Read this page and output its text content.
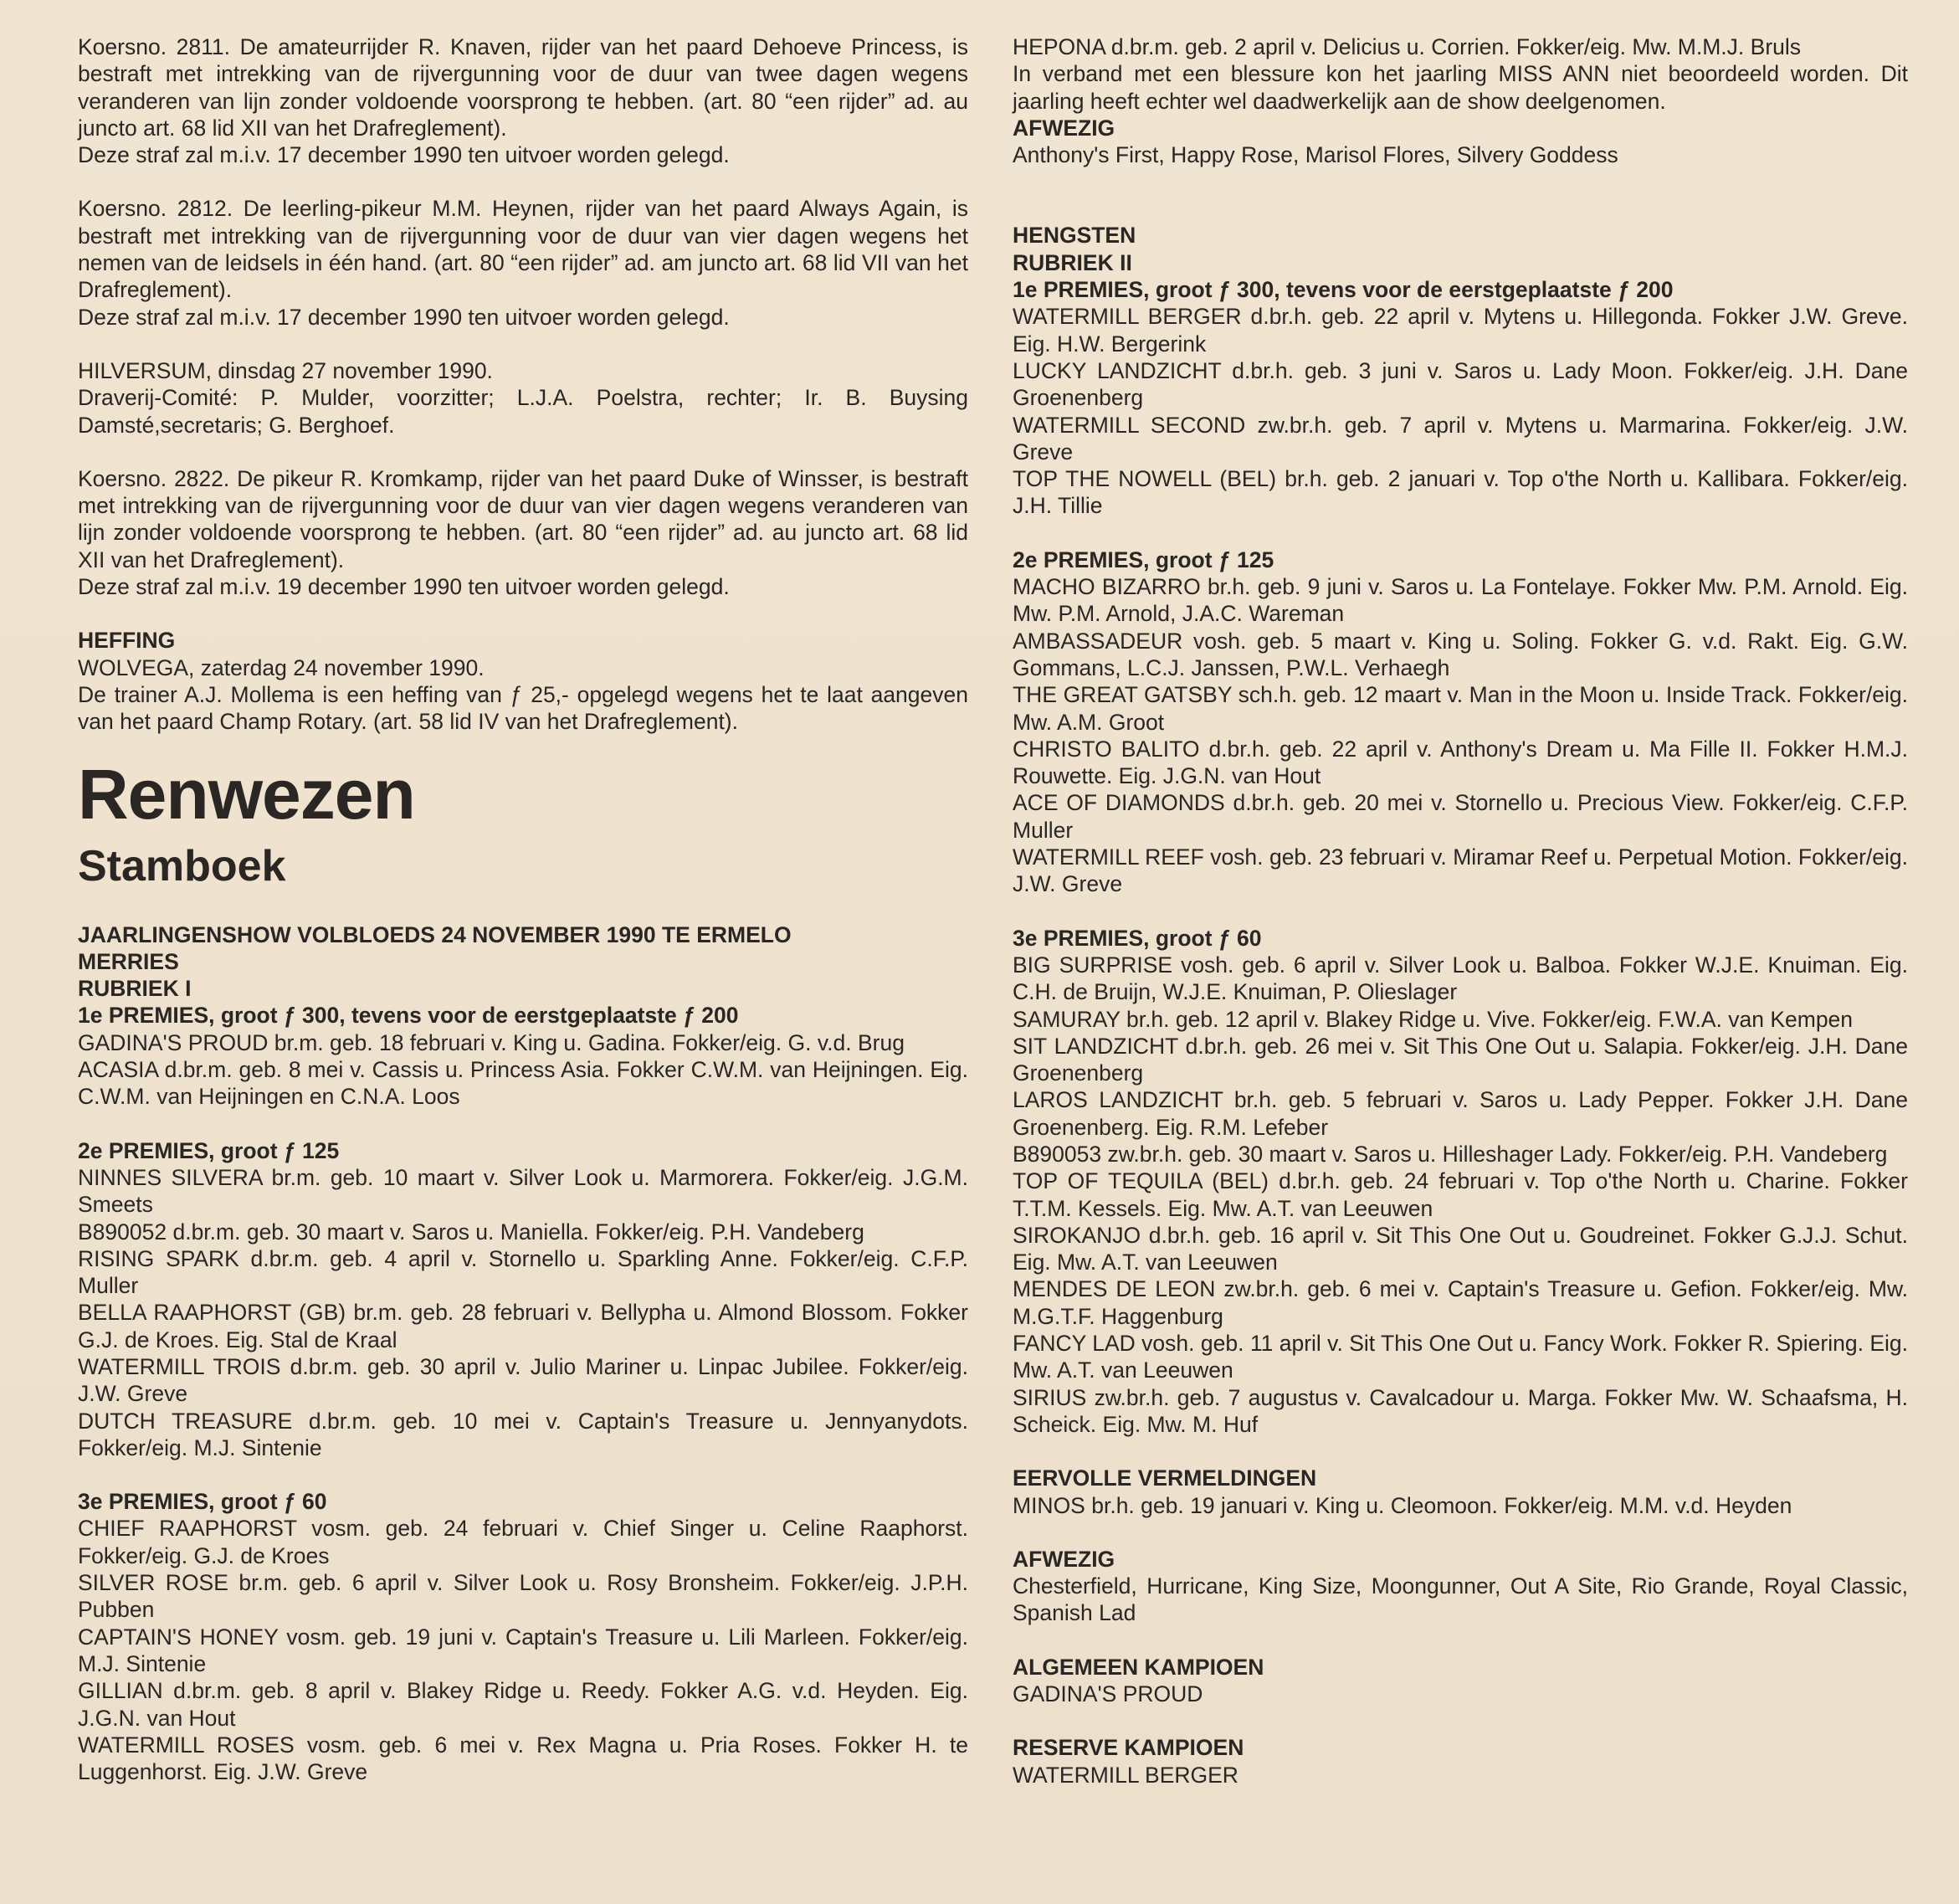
Koersno. 2811. De amateurrijder R. Knaven, rijder van het paard Dehoeve Princess, is bestraft met intrekking van de rijvergunning voor de duur van twee dagen wegens veranderen van lijn zonder voldoende voorsprong te hebben. (art. 80 “een rijder” ad. au juncto art. 68 lid XII van het Drafreglement).

Deze straf zal m.i.v. 17 december 1990 ten uitvoer worden gelegd.

Koersno. 2812. De leerling-pikeur M.M. Heynen, rijder van het paard Always Again, is bestraft met intrekking van de rijvergunning voor de duur van vier dagen wegens het nemen van de leidsels in één hand. (art. 80 “een rijder” ad. am juncto art. 68 lid VII van het Drafreglement).

Deze straf zal m.i.v. 17 december 1990 ten uitvoer worden gelegd.

HILVERSUM, dinsdag 27 november 1990.

Draverij-Comité: P. Mulder, voorzitter; L.J.A. Poelstra, rechter; Ir. B. Buysing Damsté,secretaris; G. Berghoef.

Koersno. 2822. De pikeur R. Kromkamp, rijder van het paard Duke of Winsser, is bestraft met intrekking van de rijvergunning voor de duur van vier dagen wegens veranderen van lijn zonder voldoende voorsprong te hebben. (art. 80 “een rijder” ad. au juncto art. 68 lid XII van het Drafreglement).

Deze straf zal m.i.v. 19 december 1990 ten uitvoer worden gelegd.

HEFFING

WOLVEGA, zaterdag 24 november 1990.

De trainer A.J. Mollema is een heffing van ƒ 25,- opgelegd wegens het te laat aangeven van het paard Champ Rotary. (art. 58 lid IV van het Drafreglement).

Renwezen
Stamboek

JAARLINGENSHOW VOLBLOEDS 24 NOVEMBER 1990 TE ERMELO

MERRIES

RUBRIEK I

1e PREMIES, groot ƒ 300, tevens voor de eerstgeplaatste ƒ 200

GADINA'S PROUD br.m. geb. 18 februari v. King u. Gadina. Fokker/eig. G. v.d. Brug

ACASIA d.br.m. geb. 8 mei v. Cassis u. Princess Asia. Fokker C.W.M. van Heijningen. Eig. C.W.M. van Heijningen en C.N.A. Loos

2e PREMIES, groot ƒ 125

NINNES SILVERA br.m. geb. 10 maart v. Silver Look u. Marmorera. Fokker/eig. J.G.M. Smeets

B890052 d.br.m. geb. 30 maart v. Saros u. Maniella. Fokker/eig. P.H. Vandeberg

RISING SPARK d.br.m. geb. 4 april v. Stornello u. Sparkling Anne. Fokker/eig. C.F.P. Muller

BELLA RAAPHORST (GB) br.m. geb. 28 februari v. Bellypha u. Almond Blossom. Fokker G.J. de Kroes. Eig. Stal de Kraal

WATERMILL TROIS d.br.m. geb. 30 april v. Julio Mariner u. Linpac Jubilee. Fokker/eig. J.W. Greve

DUTCH TREASURE d.br.m. geb. 10 mei v. Captain's Treasure u. Jennyanydots. Fokker/eig. M.J. Sintenie

3e PREMIES, groot ƒ 60

CHIEF RAAPHORST vosm. geb. 24 februari v. Chief Singer u. Celine Raaphorst. Fokker/eig. G.J. de Kroes

SILVER ROSE br.m. geb. 6 april v. Silver Look u. Rosy Bronsheim. Fokker/eig. J.P.H. Pubben

CAPTAIN'S HONEY vosm. geb. 19 juni v. Captain's Treasure u. Lili Marleen. Fokker/eig. M.J. Sintenie

GILLIAN d.br.m. geb. 8 april v. Blakey Ridge u. Reedy. Fokker A.G. v.d. Heyden. Eig. J.G.N. van Hout

WATERMILL ROSES vosm. geb. 6 mei v. Rex Magna u. Pria Roses. Fokker H. te Luggenhorst. Eig. J.W. Greve

HEPONA d.br.m. geb. 2 april v. Delicius u. Corrien. Fokker/eig. Mw. M.M.J. Bruls

In verband met een blessure kon het jaarling MISS ANN niet beoordeeld worden. Dit jaarling heeft echter wel daadwerkelijk aan de show deelgenomen.

AFWEZIG

Anthony's First, Happy Rose, Marisol Flores, Silvery Goddess

HENGSTEN

RUBRIEK II

1e PREMIES, groot ƒ 300, tevens voor de eerstgeplaatste ƒ 200

WATERMILL BERGER d.br.h. geb. 22 april v. Mytens u. Hillegonda. Fokker J.W. Greve. Eig. H.W. Bergerink

LUCKY LANDZICHT d.br.h. geb. 3 juni v. Saros u. Lady Moon. Fokker/eig. J.H. Dane Groenenberg

WATERMILL SECOND zw.br.h. geb. 7 april v. Mytens u. Marmarina. Fokker/eig. J.W. Greve

TOP THE NOWELL (BEL) br.h. geb. 2 januari v. Top o'the North u. Kallibara. Fokker/eig. J.H. Tillie

2e PREMIES, groot ƒ 125

MACHO BIZARRO br.h. geb. 9 juni v. Saros u. La Fontelaye. Fokker Mw. P.M. Arnold. Eig. Mw. P.M. Arnold, J.A.C. Wareman

AMBASSADEUR vosh. geb. 5 maart v. King u. Soling. Fokker G. v.d. Rakt. Eig. G.W. Gommans, L.C.J. Janssen, P.W.L. Verhaegh

THE GREAT GATSBY sch.h. geb. 12 maart v. Man in the Moon u. Inside Track. Fokker/eig. Mw. A.M. Groot

CHRISTO BALITO d.br.h. geb. 22 april v. Anthony's Dream u. Ma Fille II. Fokker H.M.J. Rouwette. Eig. J.G.N. van Hout

ACE OF DIAMONDS d.br.h. geb. 20 mei v. Stornello u. Precious View. Fokker/eig. C.F.P. Muller

WATERMILL REEF vosh. geb. 23 februari v. Miramar Reef u. Perpetual Motion. Fokker/eig. J.W. Greve

3e PREMIES, groot ƒ 60

BIG SURPRISE vosh. geb. 6 april v. Silver Look u. Balboa. Fokker W.J.E. Knuiman. Eig. C.H. de Bruijn, W.J.E. Knuiman, P. Olieslager

SAMURAY br.h. geb. 12 april v. Blakey Ridge u. Vive. Fokker/eig. F.W.A. van Kempen

SIT LANDZICHT d.br.h. geb. 26 mei v. Sit This One Out u. Salapia. Fokker/eig. J.H. Dane Groenenberg

LAROS LANDZICHT br.h. geb. 5 februari v. Saros u. Lady Pepper. Fokker J.H. Dane Groenenberg. Eig. R.M. Lefeber

B890053 zw.br.h. geb. 30 maart v. Saros u. Hilleshager Lady. Fokker/eig. P.H. Vandeberg

TOP OF TEQUILA (BEL) d.br.h. geb. 24 februari v. Top o'the North u. Charine. Fokker T.T.M. Kessels. Eig. Mw. A.T. van Leeuwen

SIROKANJO d.br.h. geb. 16 april v. Sit This One Out u. Goudreinet. Fokker G.J.J. Schut. Eig. Mw. A.T. van Leeuwen

MENDES DE LEON zw.br.h. geb. 6 mei v. Captain's Treasure u. Gefion. Fokker/eig. Mw. M.G.T.F. Haggenburg

FANCY LAD vosh. geb. 11 april v. Sit This One Out u. Fancy Work. Fokker R. Spiering. Eig. Mw. A.T. van Leeuwen

SIRIUS zw.br.h. geb. 7 augustus v. Cavalcadour u. Marga. Fokker Mw. W. Schaafsma, H. Scheick. Eig. Mw. M. Huf

EERVOLLE VERMELDINGEN

MINOS br.h. geb. 19 januari v. King u. Cleomoon. Fokker/eig. M.M. v.d. Heyden

AFWEZIG

Chesterfield, Hurricane, King Size, Moongunner, Out A Site, Rio Grande, Royal Classic, Spanish Lad

ALGEMEEN KAMPIOEN

GADINA'S PROUD

RESERVE KAMPIOEN

WATERMILL BERGER
